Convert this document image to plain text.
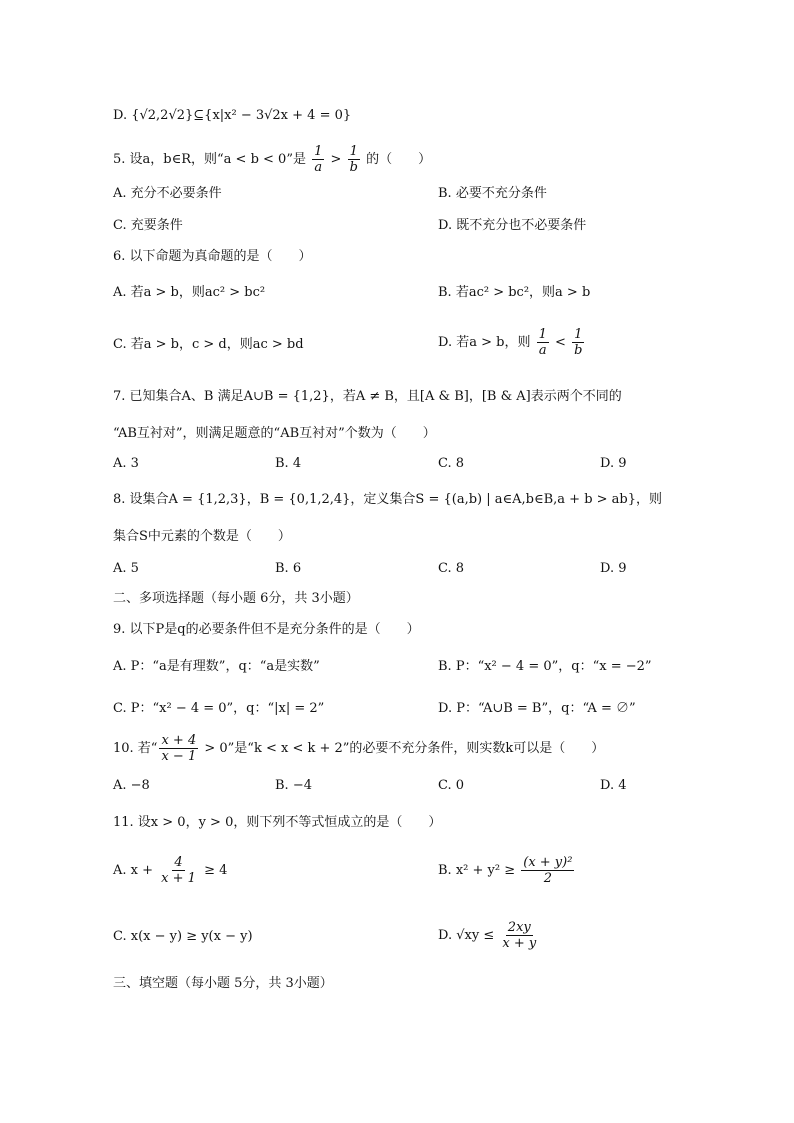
D. {√2,2√2}⊆{x|x² − 3√2x + 4 = 0}
5. 设a，b∈R，则“a < b < 0”是 $\frac{1}{a} > \frac{1}{b}$ 的（　　）
A. 充分不必要条件	B. 必要不充分条件
C. 充要条件	D. 既不充分也不必要条件
6. 以下命题为真命题的是（　　）
A. 若a > b，则ac² > bc²	B. 若ac² > bc²，则a > b
C. 若a > b，c > d，则ac > bd	D. 若a > b，则 $\frac{1}{a} < \frac{1}{b}$
7. 已知集合A、B 满足A∪B = {1,2}，若A ≠ B，且[A & B]，[B & A]表示两个不同的
“AB互衬对”，则满足题意的“AB互衬对”个数为（　　）
A. 3	B. 4	C. 8	D. 9
8. 设集合A = {1,2,3}，B = {0,1,2,4}，定义集合S = {(a,b) | a∈A,b∈B,a + b > ab}，则
集合S中元素的个数是（　　）
A. 5	B. 6	C. 8	D. 9
二、多项选择题（每小题 6分，共 3小题）
9. 以下P是q的必要条件但不是充分条件的是（　　）
A. P：“a是有理数”，q：“a是实数”	B. P：“x² − 4 = 0”，q：“x = −2”
C. P：“x² − 4 = 0”，q：“|x| = 2”	D. P：“A∪B = B”，q：“A = ∅”
10. 若“ $\frac{x + 4}{x - 1} > 0$”是“k < x < k + 2”的必要不充分条件，则实数k可以是（　　）
A. −8	B. −4	C. 0	D. 4
11. 设x > 0，y > 0，则下列不等式恒成立的是（　　）
A. $x + \frac{4}{x + 1} \ge 4$	B. $x^2 + y^2 \ge \frac{\text{(x + y)²}}{2}$
C. x(x − y) ≥ y(x − y)	D. $√xy \le \frac{2xy}{x + y}$
三、填空题（每小题 5分，共 3小题）
